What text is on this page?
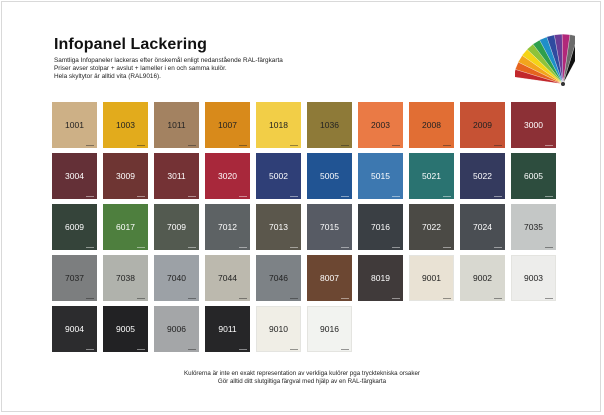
Infopanel Lackering
Samtliga Infopaneler lackeras efter önskemål enligt nedanstående RAL-färgkarta
Priser avser stolpar + avslut + lameller i en och samma kulör.
Hela skyltytor är alltid vita (RAL9016).
1001	1003	1011	1007	1018	1036	2003	2008	2009	3000
3004	3009	3011	3020	5002	5005	5015	5021	5022	6005
6009	6017	7009	7012	7013	7015	7016	7022	7024	7035
7037	7038	7040	7044	7046	8007	8019	9001	9002	9003
9004	9005	9006	9011	9010	9016
Kulörerna är inte en exakt representation av verkliga kulörer pga trycktekniska orsaker
Gör alltid ditt slutgiltiga färgval med hjälp av en RAL-färgkarta
